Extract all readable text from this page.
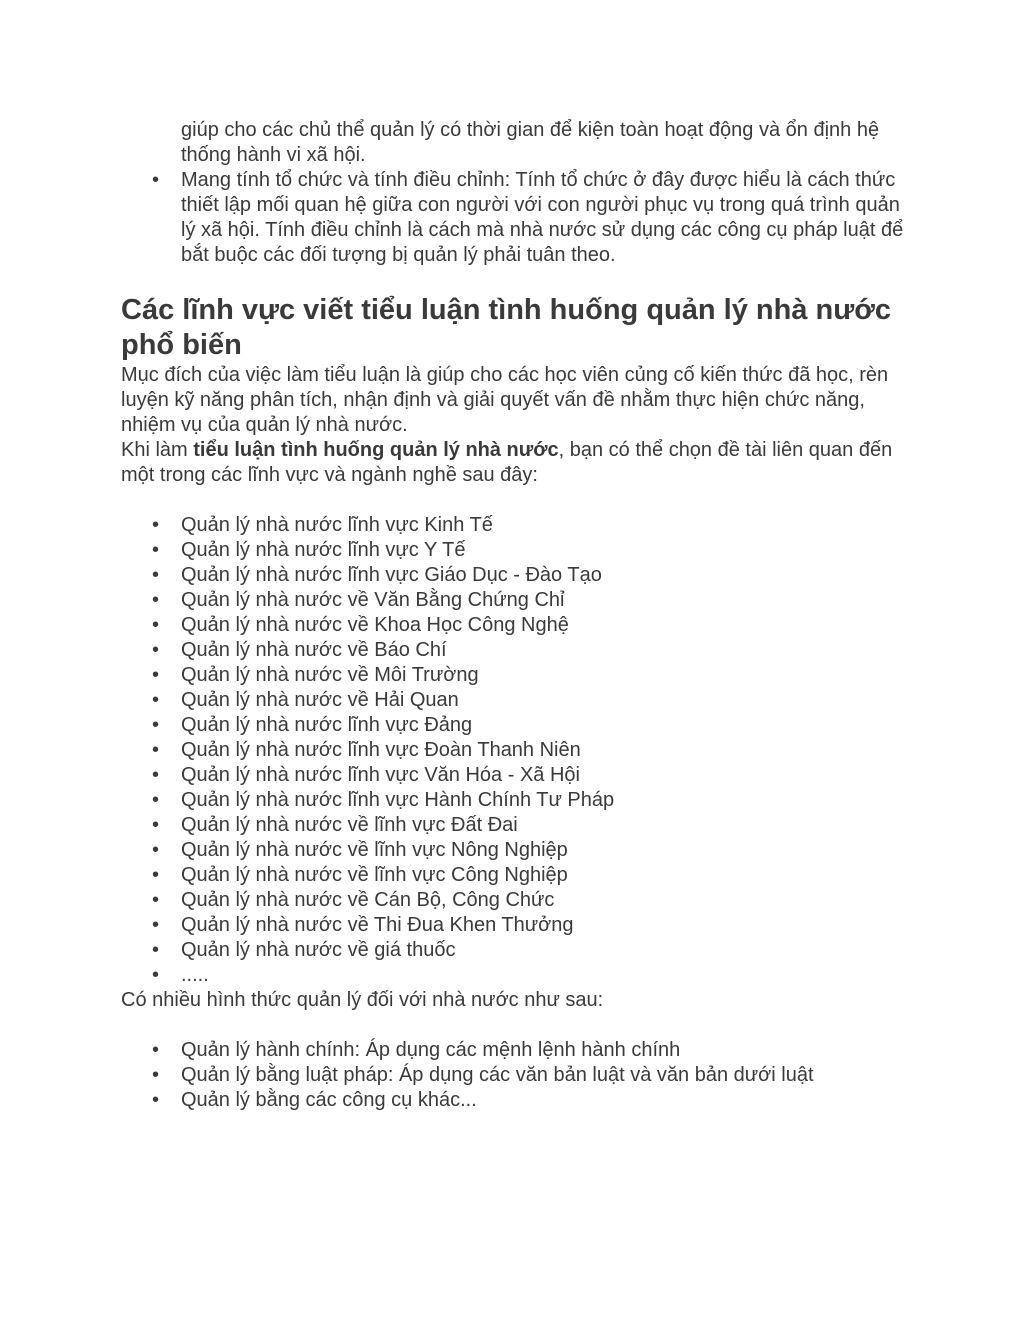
giúp cho các chủ thể quản lý có thời gian để kiện toàn hoạt động và ổn định hệ thống hành vi xã hội.

• Mang tính tổ chức và tính điều chỉnh: Tính tổ chức ở đây được hiểu là cách thức thiết lập mối quan hệ giữa con người với con người phục vụ trong quá trình quản lý xã hội. Tính điều chỉnh là cách mà nhà nước sử dụng các công cụ pháp luật để bắt buộc các đối tượng bị quản lý phải tuân theo.
Các lĩnh vực viết tiểu luận tình huống quản lý nhà nước phổ biến

Mục đích của việc làm tiểu luận là giúp cho các học viên củng cố kiến thức đã học, rèn luyện kỹ năng phân tích, nhận định và giải quyết vấn đề nhằm thực hiện chức năng, nhiệm vụ của quản lý nhà nước.

Khi làm tiểu luận tình huống quản lý nhà nước, bạn có thể chọn đề tài liên quan đến một trong các lĩnh vực và ngành nghề sau đây:

• Quản lý nhà nước lĩnh vực Kinh Tế
• Quản lý nhà nước lĩnh vực Y Tế
• Quản lý nhà nước lĩnh vực Giáo Dục - Đào Tạo
• Quản lý nhà nước về Văn Bằng Chứng Chỉ
• Quản lý nhà nước về Khoa Học Công Nghệ
• Quản lý nhà nước về Báo Chí
• Quản lý nhà nước về Môi Trường
• Quản lý nhà nước về Hải Quan
• Quản lý nhà nước lĩnh vực Đảng
• Quản lý nhà nước lĩnh vực Đoàn Thanh Niên
• Quản lý nhà nước lĩnh vực Văn Hóa - Xã Hội
• Quản lý nhà nước lĩnh vực Hành Chính Tư Pháp
• Quản lý nhà nước về lĩnh vực Đất Đai
• Quản lý nhà nước về lĩnh vực Nông Nghiệp
• Quản lý nhà nước về lĩnh vực Công Nghiệp
• Quản lý nhà nước về Cán Bộ, Công Chức
• Quản lý nhà nước về Thi Đua Khen Thưởng
• Quản lý nhà nước về giá thuốc
• .....

Có nhiều hình thức quản lý đối với nhà nước như sau:

• Quản lý hành chính: Áp dụng các mệnh lệnh hành chính
• Quản lý bằng luật pháp: Áp dụng các văn bản luật và văn bản dưới luật
• Quản lý bằng các công cụ khác...
